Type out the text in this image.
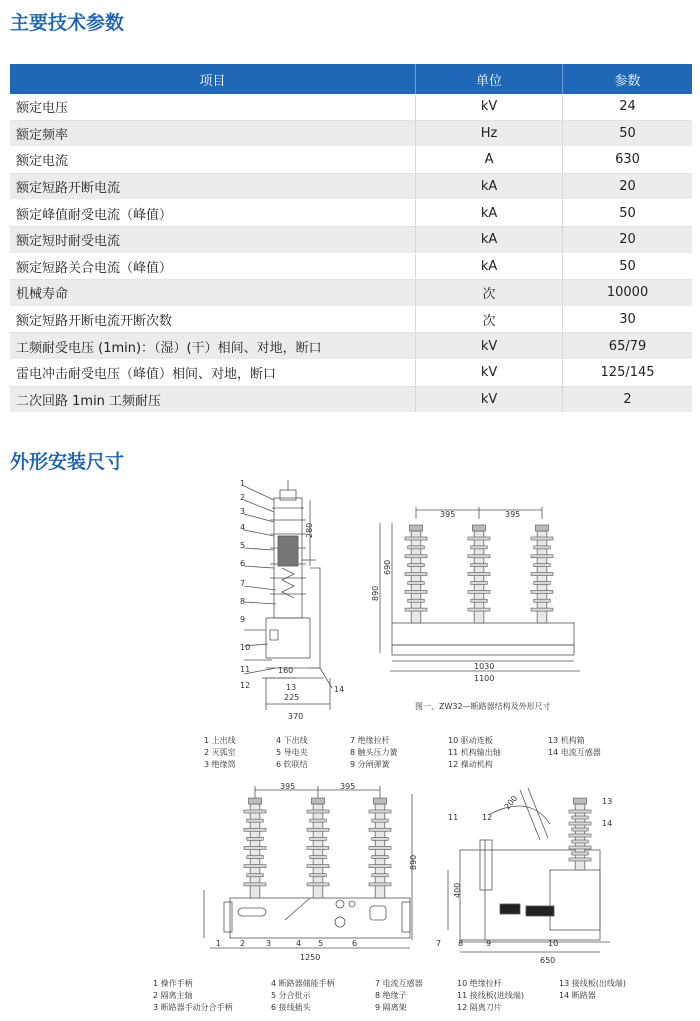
主要技术参数
项目	单位	参数
额定电压	kV	24
额定频率	Hz	50
额定电流	A	630
额定短路开断电流	kA	20
额定峰值耐受电流（峰值）	kA	50
额定短时耐受电流	kA	20
额定短路关合电流（峰值）	kA	50
机械寿命	次	10000
额定短路开断电流开断次数	次	30
工频耐受电压 (1min)：（湿）(干）相间、对地，断口	kV	65/79
雷电冲击耐受电压（峰值）相间、对地，断口	kV	125/145
二次回路 1min 工频耐压	kV	2
外形安装尺寸
1
2
3
4
5
6
7
8
9
10
11
12	13	14
280
160
225
370
395	395
690
890
1030
1100
图一、ZW32—断路器结构及外形尺寸
1 上出线
2 灭弧室
3 绝缘筒
4 下出线
5 导电夹
6 软联结
7 绝缘拉杆
8 触头压力簧
9 分闸弹簧
10 驱动连板
11 机构输出轴
12 操动机构
13 机构箱
14 电流互感器
1 2	3	4 5	6
395	395
890
1250
7 8	9	10
11	12
13
14
200
400
650
1 操作手柄
2 隔离主轴
3 断路器手动分合手柄
4 断路器储能手柄
5 分合批示
6 接线插头
7 电流互感器
8 绝缘子
9 隔离架
10 绝缘拉杆
11 接线板(进线端)
12 隔离刀片
13 接线板(出线端)
14 断路器
